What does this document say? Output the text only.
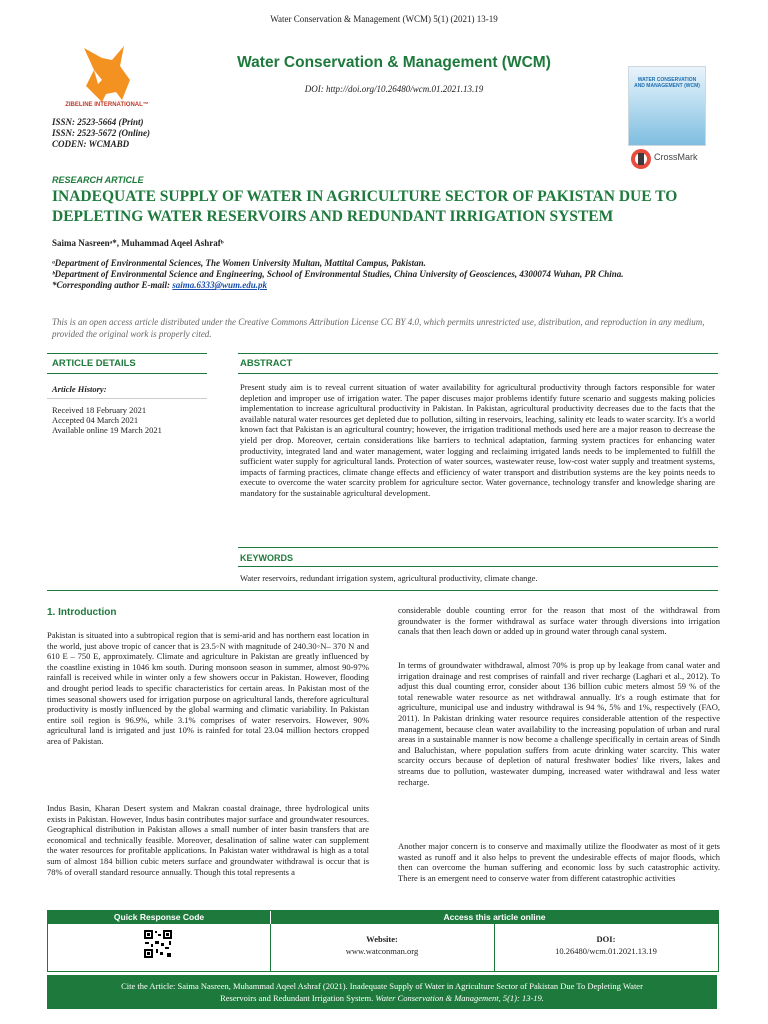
Water Conservation & Management (WCM) 5(1) (2021) 13-19
ZIBELINE INTERNATIONAL™
Water Conservation & Management (WCM)
DOI: http://doi.org/10.26480/wcm.01.2021.13.19
ISSN: 2523-5664 (Print)
ISSN: 2523-5672 (Online)
CODEN: WCMABD
WATER CONSERVATION AND MANAGEMENT (WCM)
CrossMark
RESEARCH ARTICLE
INADEQUATE SUPPLY OF WATER IN AGRICULTURE SECTOR OF PAKISTAN DUE TO DEPLETING WATER RESERVOIRS AND REDUNDANT IRRIGATION SYSTEM
Saima Nasreenᵃ*, Muhammad Aqeel Ashrafᵇ
ᵃDepartment of Environmental Sciences, The Women University Multan, Mattital Campus, Pakistan.
ᵇDepartment of Environmental Science and Engineering, School of Environmental Studies, China University of Geosciences, 4300074 Wuhan, PR China.
*Corresponding author E-mail: saima.6333@wum.edu.pk
This is an open access article distributed under the Creative Commons Attribution License CC BY 4.0, which permits unrestricted use, distribution, and reproduction in any medium, provided the original work is properly cited.
ARTICLE DETAILS	ABSTRACT
Article History:
Received 18 February 2021
Accepted 04 March 2021
Available online 19 March 2021
Present study aim is to reveal current situation of water availability for agricultural productivity through factors responsible for water depletion and improper use of irrigation water. The paper discuses major problems identify future scenario and suggests making policies implementation to increase agricultural productivity in Pakistan. In Pakistan, agricultural productivity decreases due to the facts that the available natural water resources get depleted due to pollution, silting in reservoirs, leaching, salinity etc leads to water scarcity. It's a world known fact that Pakistan is an agricultural country; however, the irrigation traditional methods used here are a major reason to decrease the yield per drop. Moreover, certain considerations like barriers to technical adaptation, farming system practices for enhancing water productivity, integrated land and water management, water logging and reclaiming irrigated lands needs to be implemented to fulfill the sufficient water supply for agricultural lands. Protection of water sources, wastewater reuse, low-cost water supply and treatment systems, impacts of farming practices, climate change effects and efficiency of water transport and distribution systems are the key points needs to execute to overcome the water scarcity problem for agriculture sector. Water governance, technology transfer and knowledge sharing are mandatory for the sustainable agricultural development.
KEYWORDS
Water reservoirs, redundant irrigation system, agricultural productivity, climate change.
1. Introduction
Pakistan is situated into a subtropical region that is semi-arid and has northern east location in the world, just above tropic of cancer that is 23.5◦N with magnitude of 240.30◦N– 370 N and 610 E – 750 E, approximately. Climate and agriculture in Pakistan are greatly influenced by the coastline existing in 1046 km south. During monsoon season in summer, almost 90-97% rainfall is received while in winter only a few showers occur in Pakistan. However, flooding and drought period leads to specific characteristics for certain areas. In Pakistan most of the times seasonal showers used for irrigation purpose on agricultural lands, therefore agricultural productivity is mostly influenced by the global warming and climatic variability. In Pakistan entire soil region is 96.9%, while 3.1% comprises of water reservoirs. However, 90% agricultural land is irrigated and just 10% is rainfed for total 23.04 million hectors cropped area of Pakistan.
Indus Basin, Kharan Desert system and Makran coastal drainage, three hydrological units exists in Pakistan. However, Indus basin contributes major surface and groundwater resources. Geographical distribution in Pakistan allows a small number of inter basin transfers that are economical and technically feasible. Moreover, desalination of saline water can supplement the water resources for profitable applications. In Pakistan water withdrawal is high as a total sum of almost 184 billion cubic meters surface and groundwater withdrawal is occur that is 78% of overall standard resource annually. Though this total represents a
considerable double counting error for the reason that most of the withdrawal from groundwater is the former withdrawal as surface water through diversions into irrigation canals that then leach down or added up in ground water through canal system.
In terms of groundwater withdrawal, almost 70% is prop up by leakage from canal water and irrigation drainage and rest comprises of rainfall and river recharge (Laghari et al., 2012). To adjust this dual counting error, consider about 136 billion cubic meters almost 59 % of the total renewable water resource as net withdrawal annually. It's a rough estimate that for agriculture, municipal use and industry withdrawal is 94 %, 5% and 1%, respectively (FAO, 2011). In Pakistan drinking water resource requires considerable attention of the respective management, because clean water availability to the increasing population of urban and rural areas in a sustainable manner is now become a challenge specifically in certain areas of Sindh and Baluchistan, where population suffers from acute drinking water scarcity. This water scarcity occurs because of depletion of natural freshwater bodies' like rivers, lakes and streams due to pollution, wastewater dumping, increased water withdrawal and less water recharge.
Another major concern is to conserve and maximally utilize the floodwater as most of it gets wasted as runoff and it also helps to prevent the undesirable effects of major floods, which then can overcome the human suffering and economic loss by such catastrophic activity. There is an emergent need to conserve water from different catastrophic activities
Quick Response Code	Access this article online
Website:
www.watconman.org
DOI:
10.26480/wcm.01.2021.13.19
Cite the Article: Saima Nasreen, Muhammad Aqeel Ashraf (2021). Inadequate Supply of Water in Agriculture Sector of Pakistan Due To Depleting Water Reservoirs and Redundant Irrigation System. Water Conservation & Management, 5(1): 13-19.
